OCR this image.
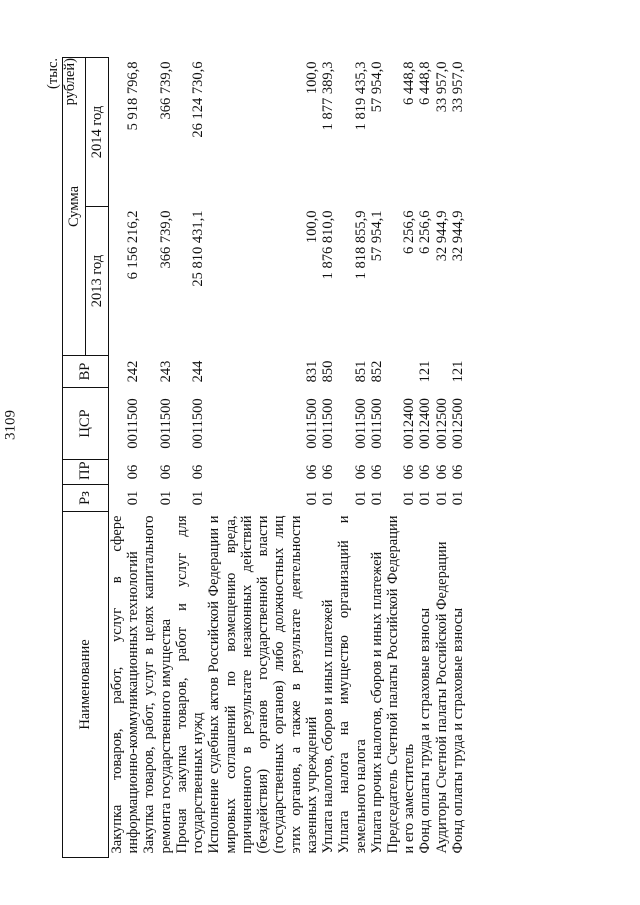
3109
(тыс. рублей)
Наименование	Рз	ПР	ЦСР	ВР	Сумма	
					2013 год	2014 год
Закупка товаров, работ, услуг в сфере информационно-коммуникационных технологий	01	06	0011500	242	6 156 216,2	5 918 796,8
Закупка товаров, работ, услуг в целях капитального ремонта государственного имущества	01	06	0011500	243	366 739,0	366 739,0
Прочая закупка товаров, работ и услуг для государственных нужд	01	06	0011500	244	25 810 431,1	26 124 730,6
Исполнение судебных актов Российской Федерации и мировых соглашений по возмещению вреда, причиненного в результате незаконных действий (бездействия) органов государственной власти (государственных органов) либо должностных лиц этих органов, а также в результате деятельности казенных учреждений	01	06	0011500	831	100,0	100,0
Уплата налогов, сборов и иных платежей	01	06	0011500	850	1 876 810,0	1 877 389,3
Уплата налога на имущество организаций и земельного налога	01	06	0011500	851	1 818 855,9	1 819 435,3
Уплата прочих налогов, сборов и иных платежей	01	06	0011500	852	57 954,1	57 954,0
Председатель Счетной палаты Российской Федерации и его заместитель	01	06	0012400		6 256,6	6 448,8
Фонд оплаты труда и страховые взносы	01	06	0012400	121	6 256,6	6 448,8
Аудиторы Счетной палаты Российской Федерации	01	06	0012500		32 944,9	33 957,0
Фонд оплаты труда и страховые взносы	01	06	0012500	121	32 944,9	33 957,0
